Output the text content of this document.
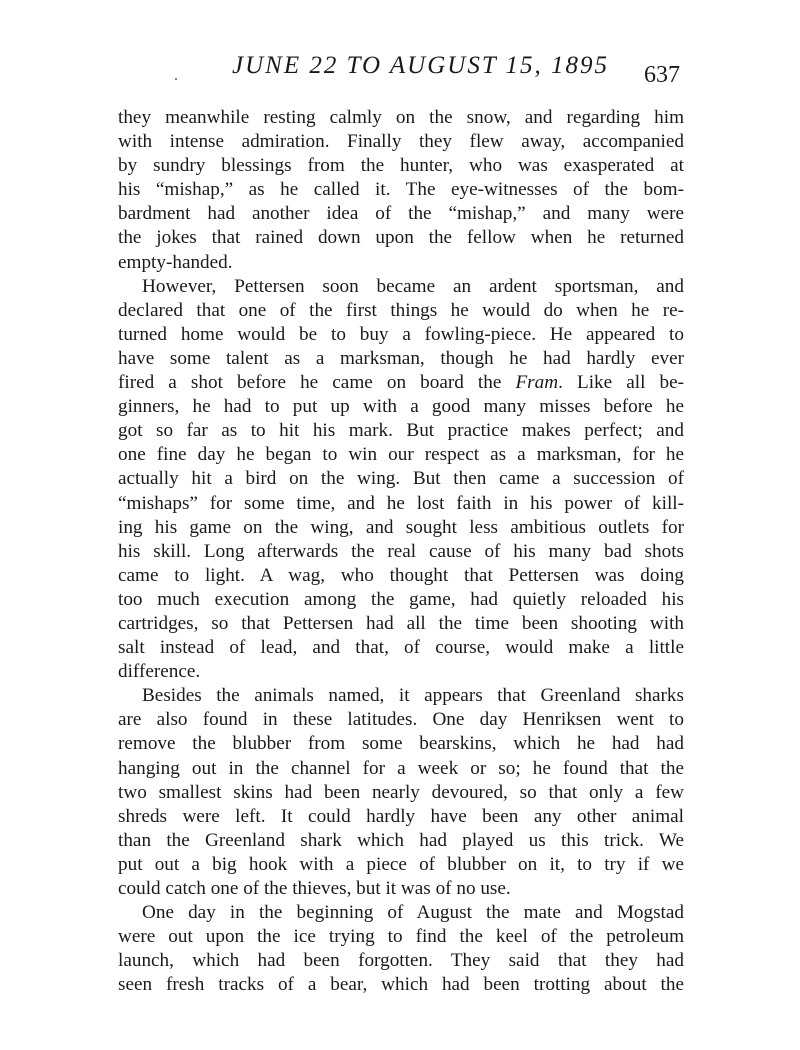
JUNE 22 TO AUGUST 15, 1895 637
they meanwhile resting calmly on the snow, and regarding him
with intense admiration. Finally they flew away, accompanied
by sundry blessings from the hunter, who was exasperated at
his “mishap,” as he called it. The eye-witnesses of the bom-
bardment had another idea of the “mishap,” and many were
the jokes that rained down upon the fellow when he returned
empty-handed.
However, Pettersen soon became an ardent sportsman, and
declared that one of the first things he would do when he re-
turned home would be to buy a fowling-piece. He appeared to
have some talent as a marksman, though he had hardly ever
fired a shot before he came on board the Fram. Like all be-
ginners, he had to put up with a good many misses before he
got so far as to hit his mark. But practice makes perfect; and
one fine day he began to win our respect as a marksman, for he
actually hit a bird on the wing. But then came a succession of
“mishaps” for some time, and he lost faith in his power of kill-
ing his game on the wing, and sought less ambitious outlets for
his skill. Long afterwards the real cause of his many bad shots
came to light. A wag, who thought that Pettersen was doing
too much execution among the game, had quietly reloaded his
cartridges, so that Pettersen had all the time been shooting with
salt instead of lead, and that, of course, would make a little
difference.
Besides the animals named, it appears that Greenland sharks
are also found in these latitudes. One day Henriksen went to
remove the blubber from some bearskins, which he had had
hanging out in the channel for a week or so; he found that the
two smallest skins had been nearly devoured, so that only a few
shreds were left. It could hardly have been any other animal
than the Greenland shark which had played us this trick. We
put out a big hook with a piece of blubber on it, to try if we
could catch one of the thieves, but it was of no use.
One day in the beginning of August the mate and Mogstad
were out upon the ice trying to find the keel of the petroleum
launch, which had been forgotten. They said that they had
seen fresh tracks of a bear, which had been trotting about the
